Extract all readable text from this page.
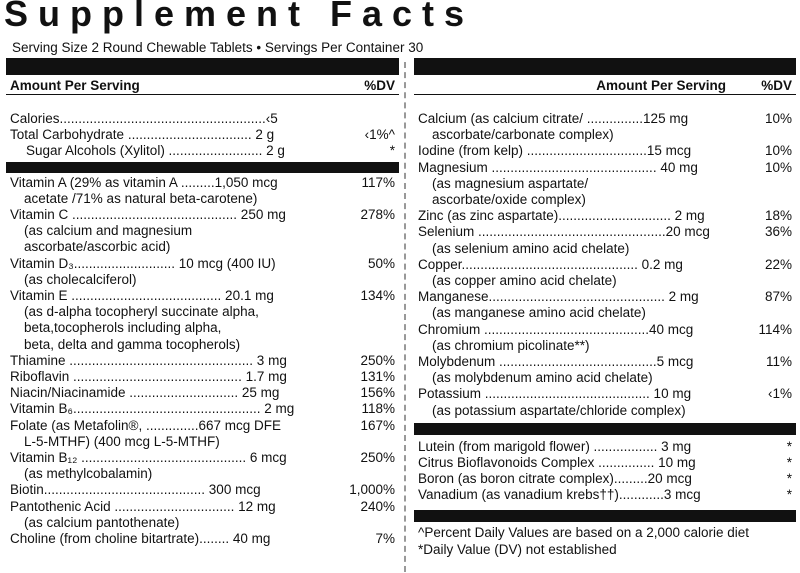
Supplement Facts
Serving Size 2 Round Chewable Tablets • Servings Per Container 30
Amount Per Serving	%DV
Calories.......................................................‹5
Total Carbohydrate ................................. 2 g	‹1%^
Sugar Alcohols (Xylitol) ......................... 2 g	*
Vitamin A (29% as vitamin A .........1,050 mcg	117%
acetate /71% as natural beta-carotene)
Vitamin C ............................................ 250 mg	278%
(as calcium and magnesium
ascorbate/ascorbic acid)
Vitamin D₃........................... 10 mcg (400 IU)	50%
(as cholecalciferol)
Vitamin E ........................................ 20.1 mg	134%
(as d-alpha tocopheryl succinate alpha,
beta,tocopherols including alpha,
beta, delta and gamma tocopherols)
Thiamine ................................................. 3 mg	250%
Riboflavin ............................................. 1.7 mg	131%
Niacin/Niacinamide ............................. 25 mg	156%
Vitamin B₆.................................................. 2 mg	118%
Folate (as Metafolin®, ..............667 mcg DFE	167%
L-5-MTHF) (400 mcg L-5-MTHF)
Vitamin B₁₂ ............................................ 6 mcg	250%
(as methylcobalamin)
Biotin........................................... 300 mcg	1,000%
Pantothenic Acid ................................ 12 mg	240%
(as calcium pantothenate)
Choline (from choline bitartrate)........ 40 mg	7%
Amount Per Serving	%DV
Calcium (as calcium citrate/ ...............125 mg	10%
ascorbate/carbonate complex)
Iodine (from kelp) ................................15 mcg	10%
Magnesium ............................................ 40 mg	10%
(as magnesium aspartate/
ascorbate/oxide complex)
Zinc (as zinc aspartate).............................. 2 mg	18%
Selenium ..................................................20 mcg	36%
(as selenium amino acid chelate)
Copper............................................... 0.2 mg	22%
(as copper amino acid chelate)
Manganese............................................... 2 mg	87%
(as manganese amino acid chelate)
Chromium ............................................40 mcg	114%
(as chromium picolinate**)
Molybdenum ..........................................5 mcg	11%
(as molybdenum amino acid chelate)
Potassium ............................................ 10 mg	‹1%
(as potassium aspartate/chloride complex)
Lutein (from marigold flower) ................. 3 mg	*
Citrus Bioflavonoids Complex ............... 10 mg	*
Boron (as boron citrate complex).........20 mcg	*
Vanadium (as vanadium krebs††)............3 mcg	*
^Percent Daily Values are based on a 2,000 calorie diet
*Daily Value (DV) not established
